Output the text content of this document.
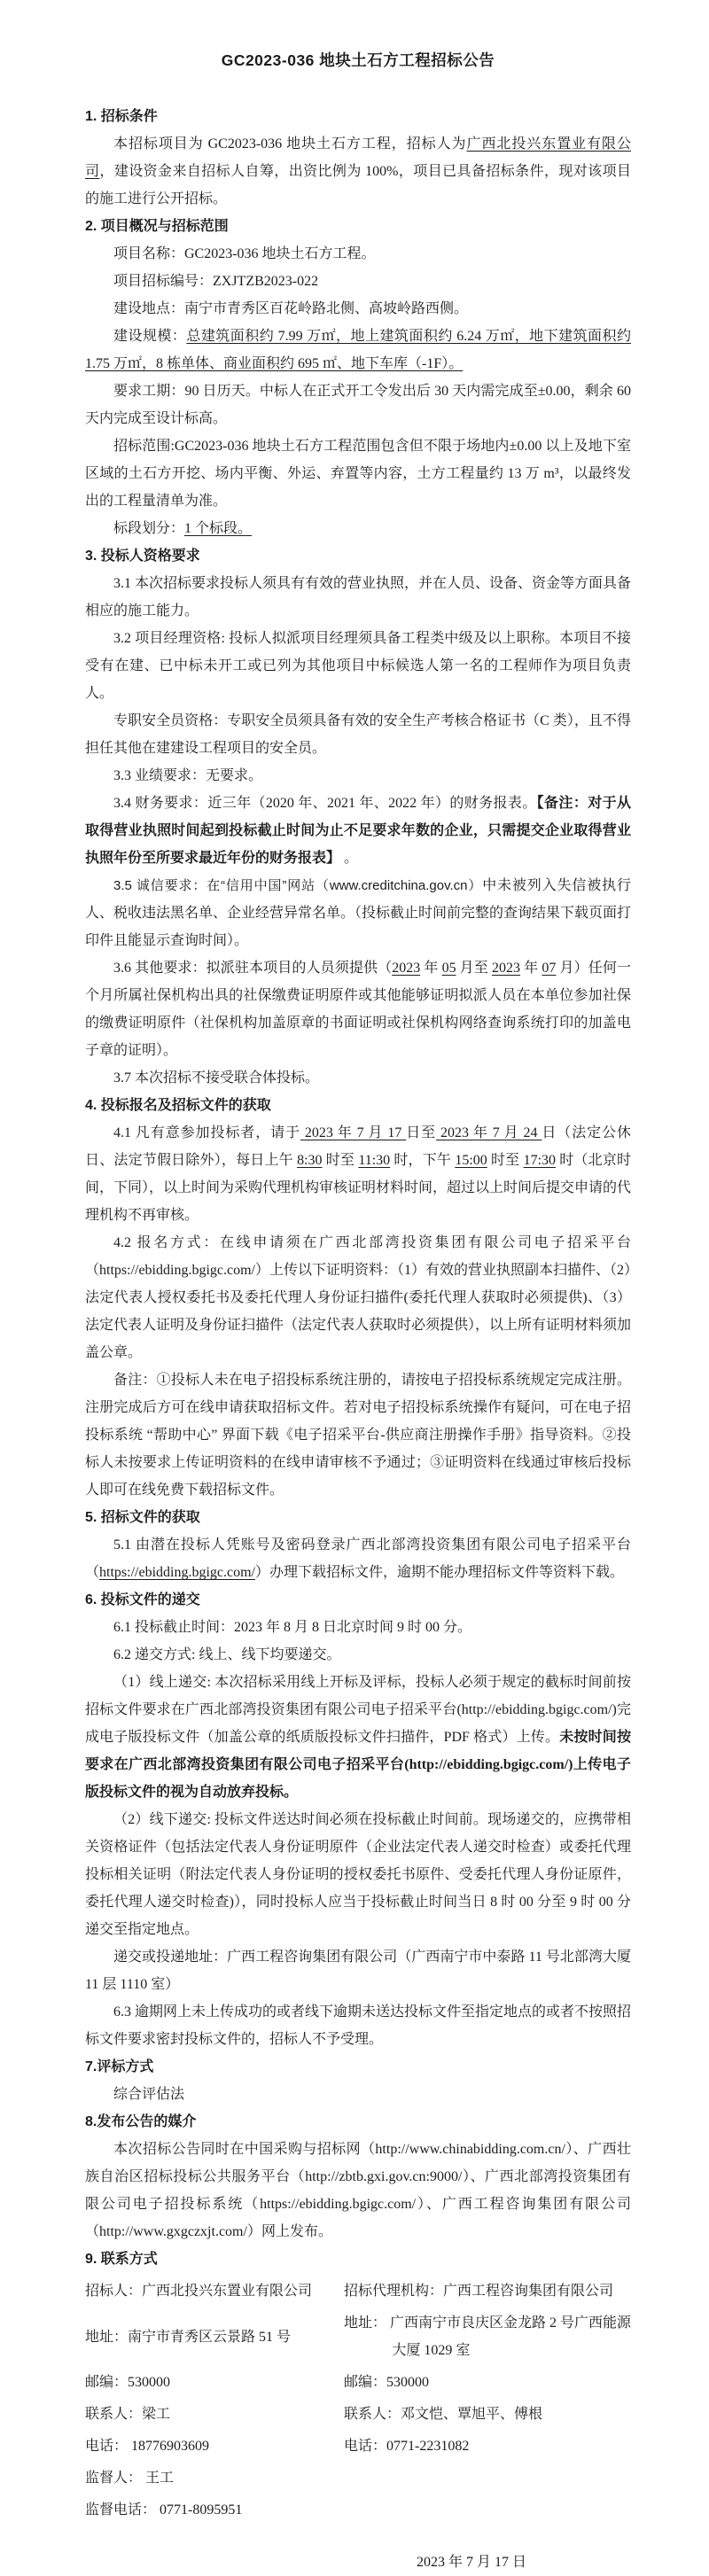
GC2023-036 地块土石方工程招标公告

1. 招标条件

本招标项目为 GC2023-036 地块土石方工程，招标人为广西北投兴东置业有限公司，建设资金来自招标人自筹，出资比例为 100%，项目已具备招标条件，现对该项目的施工进行公开招标。

2. 项目概况与招标范围

项目名称：GC2023-036 地块土石方工程。

项目招标编号：ZXJTZB2023-022

建设地点：南宁市青秀区百花岭路北侧、高坡岭路西侧。

建设规模：总建筑面积约 7.99 万㎡，地上建筑面积约 6.24 万㎡，地下建筑面积约 1.75 万㎡，8 栋单体、商业面积约 695 ㎡、地下车库（-1F）。

要求工期：90 日历天。中标人在正式开工令发出后 30 天内需完成至±0.00，剩余 60 天内完成至设计标高。

招标范围:GC2023-036 地块土石方工程范围包含但不限于场地内±0.00 以上及地下室区域的土石方开挖、场内平衡、外运、弃置等内容，土方工程量约 13 万 m³，以最终发出的工程量清单为准。

标段划分：1 个标段。

3. 投标人资格要求

3.1 本次招标要求投标人须具有有效的营业执照，并在人员、设备、资金等方面具备相应的施工能力。

3.2 项目经理资格: 投标人拟派项目经理须具备工程类中级及以上职称。本项目不接受有在建、已中标未开工或已列为其他项目中标候选人第一名的工程师作为项目负责人。

专职安全员资格：专职安全员须具备有效的安全生产考核合格证书（C 类），且不得担任其他在建建设工程项目的安全员。

3.3 业绩要求：无要求。

3.4 财务要求：近三年（2020 年、2021 年、2022 年）的财务报表。【备注：对于从取得营业执照时间起到投标截止时间为止不足要求年数的企业，只需提交企业取得营业执照年份至所要求最近年份的财务报表】 。

3.5 诚信要求：在“信用中国”网站（www.creditchina.gov.cn）中未被列入失信被执行人、税收违法黑名单、企业经营异常名单。（投标截止时间前完整的查询结果下载页面打印件且能显示查询时间）。

3.6 其他要求：拟派驻本项目的人员须提供（2023 年 05 月至 2023 年 07 月）任何一个月所属社保机构出具的社保缴费证明原件或其他能够证明拟派人员在本单位参加社保的缴费证明原件（社保机构加盖原章的书面证明或社保机构网络查询系统打印的加盖电子章的证明）。

3.7 本次招标不接受联合体投标。

4. 投标报名及招标文件的获取

4.1 凡有意参加投标者，请于 2023 年 7 月 17 日至 2023 年 7 月 24 日（法定公休日、法定节假日除外），每日上午 8:30 时至 11:30 时，下午 15:00 时至 17:30 时（北京时间，下同），以上时间为采购代理机构审核证明材料时间，超过以上时间后提交申请的代理机构不再审核。

4.2 报名方式：在线申请须在广西北部湾投资集团有限公司电子招采平台（https://ebidding.bgigc.com/）上传以下证明资料：（1）有效的营业执照副本扫描件、（2）法定代表人授权委托书及委托代理人身份证扫描件(委托代理人获取时必须提供)、（3）法定代表人证明及身份证扫描件（法定代表人获取时必须提供），以上所有证明材料须加盖公章。

备注：①投标人未在电子招投标系统注册的，请按电子招投标系统规定完成注册。注册完成后方可在线申请获取招标文件。若对电子招投标系统操作有疑问，可在电子招投标系统 “帮助中心” 界面下载《电子招采平台-供应商注册操作手册》指导资料。②投标人未按要求上传证明资料的在线申请审核不予通过；③证明资料在线通过审核后投标人即可在线免费下载招标文件。

5. 招标文件的获取

5.1 由潜在投标人凭账号及密码登录广西北部湾投资集团有限公司电子招采平台（https://ebidding.bgigc.com/）办理下载招标文件，逾期不能办理招标文件等资料下载。

6. 投标文件的递交

6.1 投标截止时间：2023 年 8 月 8 日北京时间 9 时 00 分。

6.2 递交方式: 线上、线下均要递交。

（1）线上递交: 本次招标采用线上开标及评标，投标人必须于规定的截标时间前按招标文件要求在广西北部湾投资集团有限公司电子招采平台(http://ebidding.bgigc.com/)完成电子版投标文件（加盖公章的纸质版投标文件扫描件，PDF 格式）上传。未按时间按要求在广西北部湾投资集团有限公司电子招采平台(http://ebidding.bgigc.com/)上传电子版投标文件的视为自动放弃投标。

（2）线下递交: 投标文件送达时间必须在投标截止时间前。现场递交的，应携带相关资格证件（包括法定代表人身份证明原件（企业法定代表人递交时检查）或委托代理投标相关证明（附法定代表人身份证明的授权委托书原件、受委托代理人身份证原件，委托代理人递交时检查)），同时投标人应当于投标截止时间当日 8 时 00 分至 9 时 00 分递交至指定地点。

递交或投递地址：广西工程咨询集团有限公司（广西南宁市中泰路 11 号北部湾大厦 11 层 1110 室）

6.3 逾期网上未上传成功的或者线下逾期未送达投标文件至指定地点的或者不按照招标文件要求密封投标文件的，招标人不予受理。

7.评标方式

综合评估法

8.发布公告的媒介

本次招标公告同时在中国采购与招标网（http://www.chinabidding.com.cn/）、广西壮族自治区招标投标公共服务平台（http://zbtb.gxi.gov.cn:9000/）、广西北部湾投资集团有限公司电子招投标系统（https://ebidding.bgigc.com/）、广西工程咨询集团有限公司（http://www.gxgczxjt.com/）网上发布。

9. 联系方式

招标人：广西北投兴东置业有限公司	招标代理机构：广西工程咨询集团有限公司
地址：南宁市青秀区云景路 51 号
地址： 广西南宁市良庆区金龙路 2 号广西能源大厦 1029 室
邮编：530000	邮编：530000
联系人：梁工	联系人：邓文恺、覃旭平、傅根
电话： 18776903609	电话：0771-2231082
监督人： 王工
监督电话： 0771-8095951

2023 年 7 月 17 日
